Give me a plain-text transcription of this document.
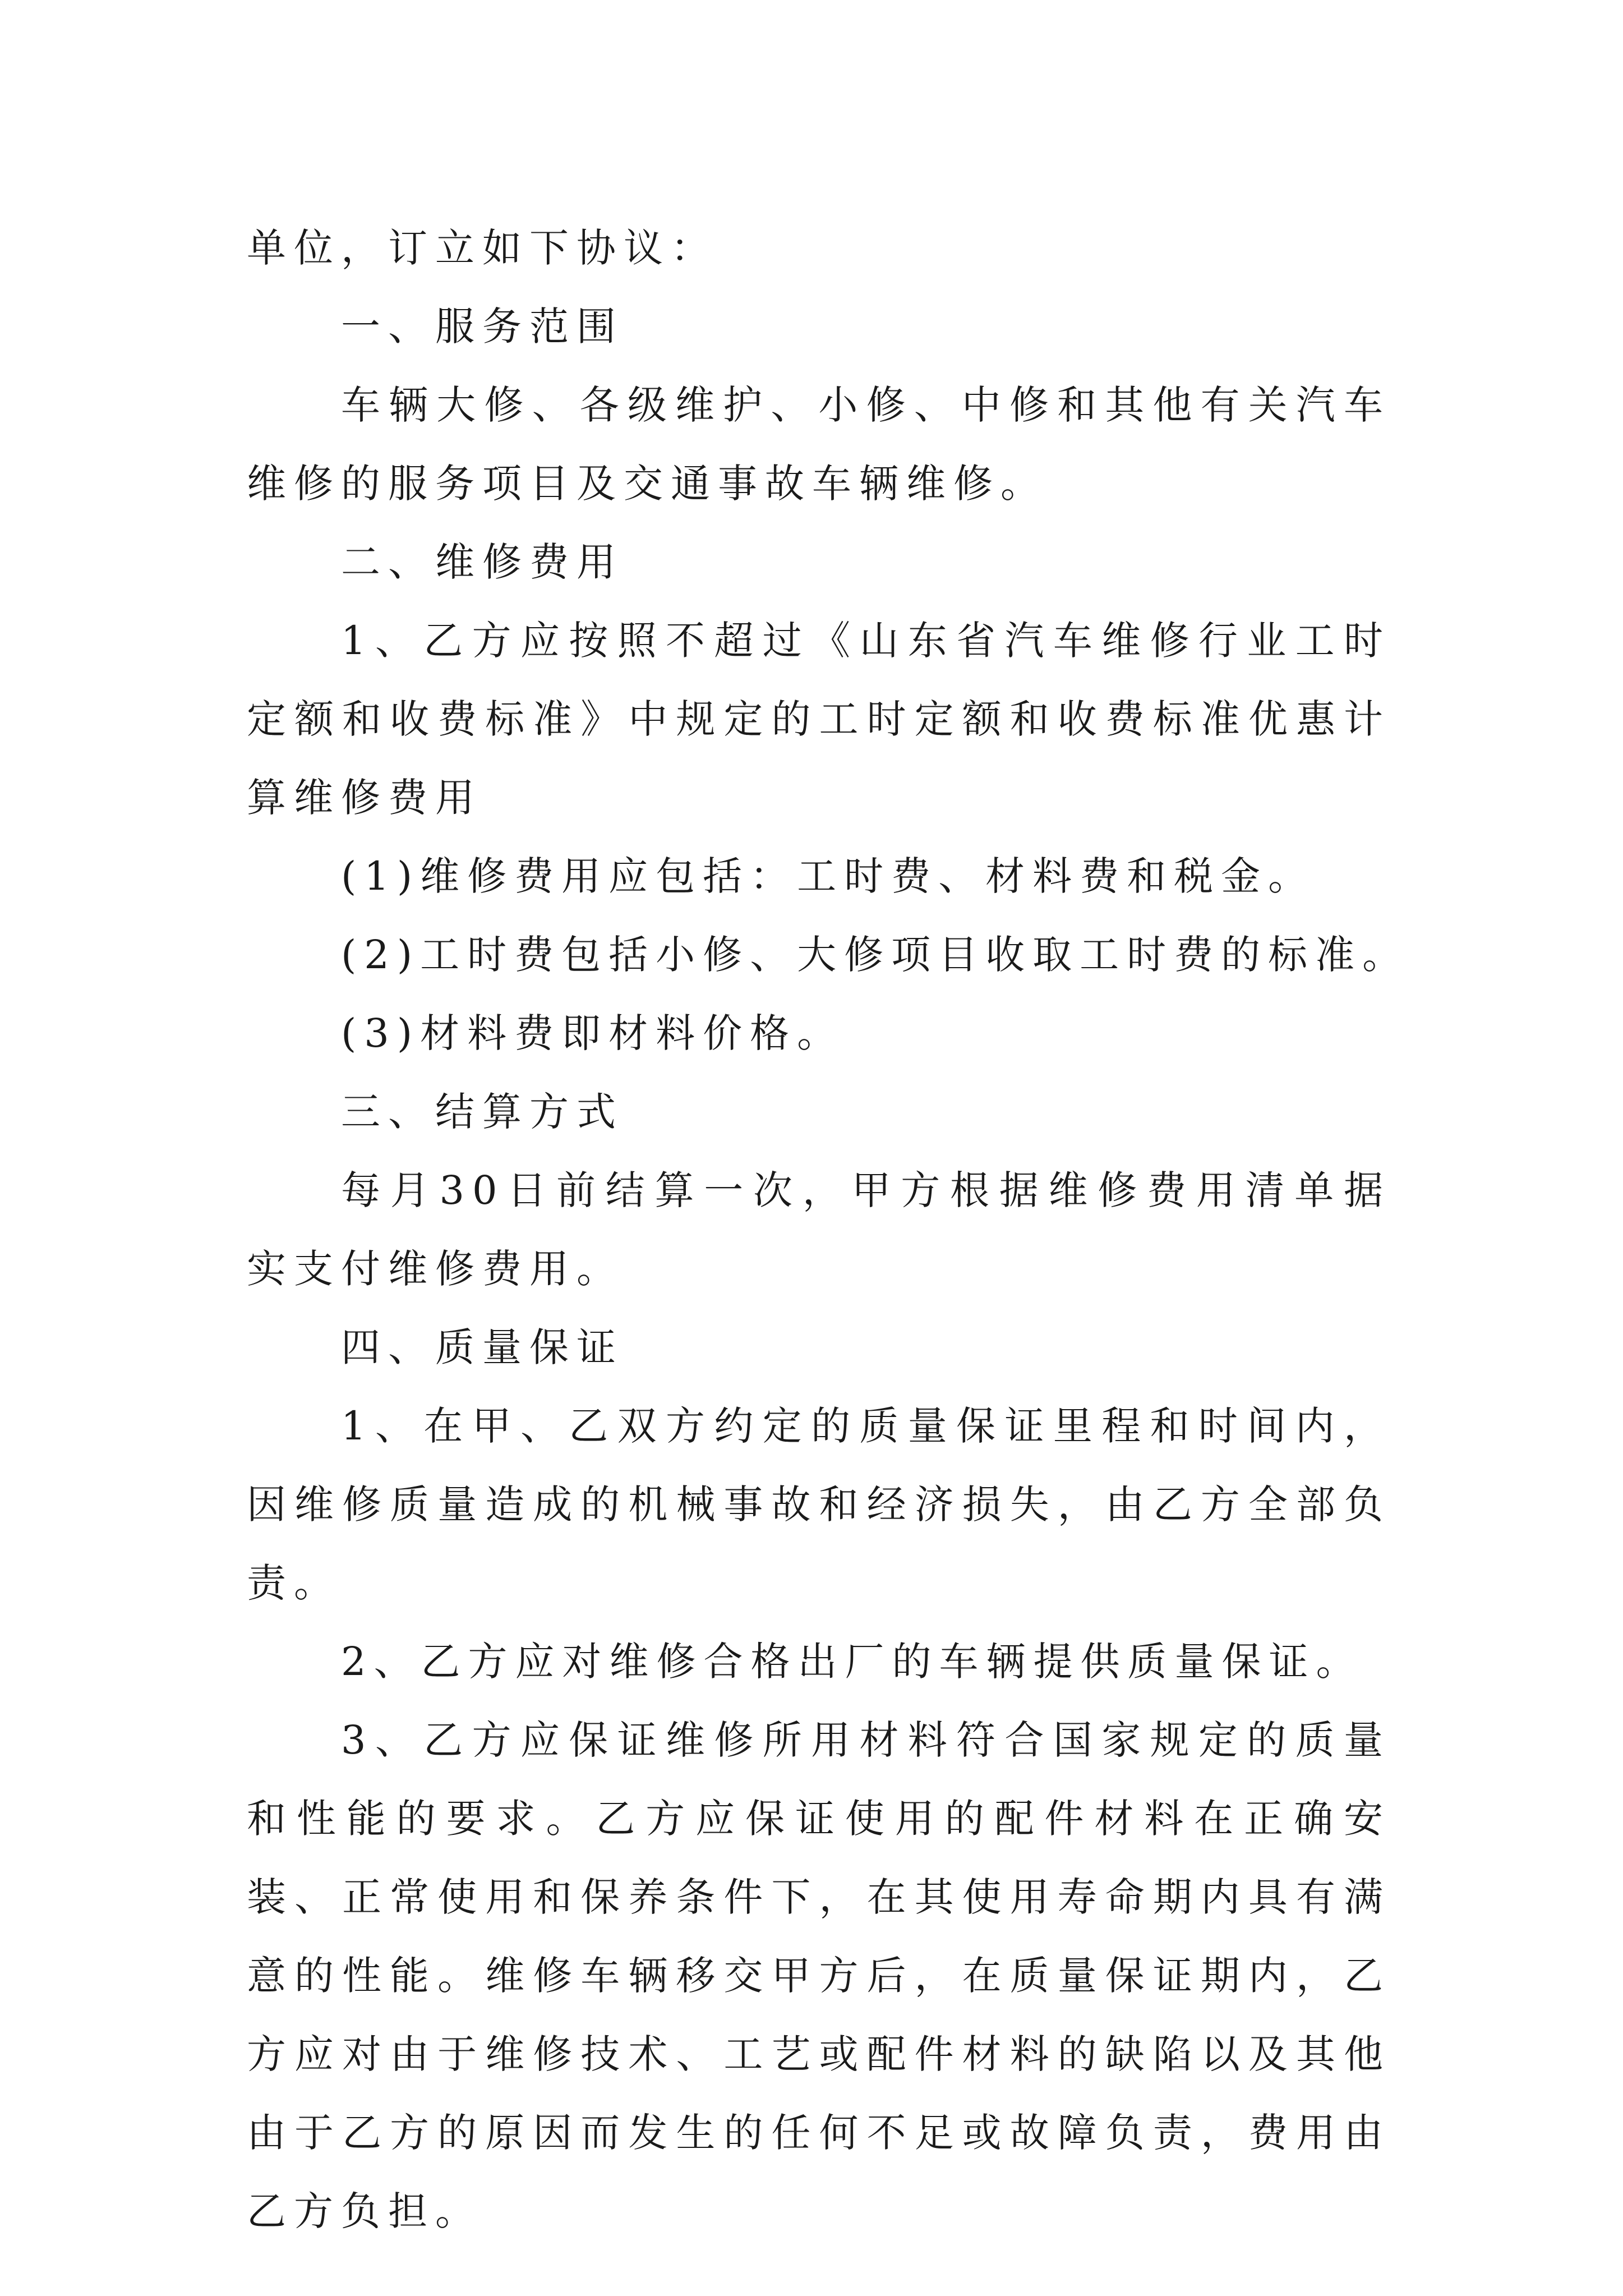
单位，订立如下协议：

一、服务范围

车辆大修、各级维护、小修、中修和其他有关汽车维修的服务项目及交通事故车辆维修。

二、维修费用

1、乙方应按照不超过《山东省汽车维修行业工时定额和收费标准》中规定的工时定额和收费标准优惠计算维修费用

(1)维修费用应包括：工时费、材料费和税金。

(2)工时费包括小修、大修项目收取工时费的标准。

(3)材料费即材料价格。

三、结算方式

每月30日前结算一次，甲方根据维修费用清单据实支付维修费用。

四、质量保证

1、在甲、乙双方约定的质量保证里程和时间内，因维修质量造成的机械事故和经济损失，由乙方全部负责。

2、乙方应对维修合格出厂的车辆提供质量保证。

3、乙方应保证维修所用材料符合国家规定的质量和性能的要求。乙方应保证使用的配件材料在正确安装、正常使用和保养条件下，在其使用寿命期内具有满意的性能。维修车辆移交甲方后，在质量保证期内，乙方应对由于维修技术、工艺或配件材料的缺陷以及其他由于乙方的原因而发生的任何不足或故障负责，费用由乙方负担。
